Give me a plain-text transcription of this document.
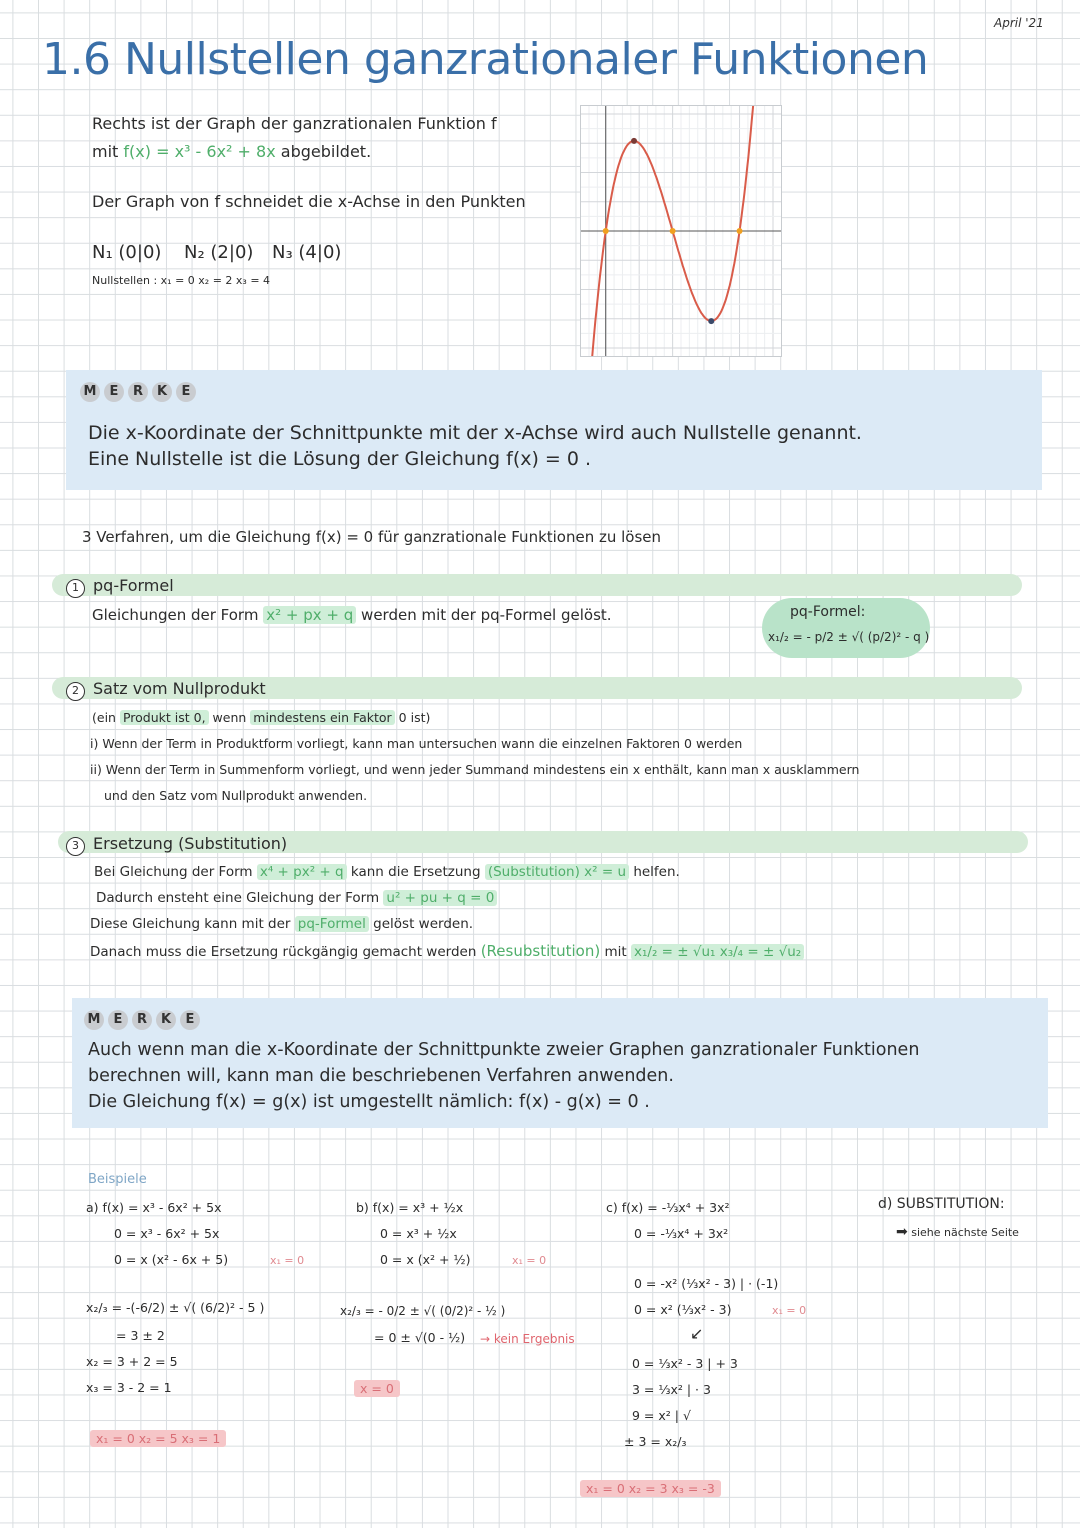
April '21
1.6 Nullstellen ganzrationaler Funktionen
Rechts ist der Graph der ganzrationalen Funktion f
mit f(x) = x³ - 6x² + 8x abgebildet.
Der Graph von f schneidet die x-Achse in den Punkten
N₁ (0|0) N₂ (2|0) N₃ (4|0)
Nullstellen : x₁ = 0 x₂ = 2 x₃ = 4
M	E	R	K	E
Die x-Koordinate der Schnittpunkte mit der x-Achse wird auch Nullstelle genannt.
Eine Nullstelle ist die Lösung der Gleichung f(x) = 0 .
3 Verfahren, um die Gleichung f(x) = 0 für ganzrationale Funktionen zu lösen
1 pq-Formel
Gleichungen der Form x² + px + q werden mit der pq-Formel gelöst.	pq-Formel:
x₁/₂ = - p/2 ± √( (p/2)² - q )
2 Satz vom Nullprodukt
(ein Produkt ist 0, wenn mindestens ein Faktor 0 ist)
i) Wenn der Term in Produktform vorliegt, kann man untersuchen wann die einzelnen Faktoren 0 werden
ii) Wenn der Term in Summenform vorliegt, und wenn jeder Summand mindestens ein x enthält, kann man x ausklammern
und den Satz vom Nullprodukt anwenden.
3 Ersetzung (Substitution)
Bei Gleichung der Form x⁴ + px² + q kann die Ersetzung (Substitution) x² = u helfen.
Dadurch ensteht eine Gleichung der Form u² + pu + q = 0
Diese Gleichung kann mit der pq-Formel gelöst werden.
Danach muss die Ersetzung rückgängig gemacht werden (Resubstitution) mit x₁/₂ = ± √u₁ x₃/₄ = ± √u₂
M	E	R	K	E
Auch wenn man die x-Koordinate der Schnittpunkte zweier Graphen ganzrationaler Funktionen
berechnen will, kann man die beschriebenen Verfahren anwenden.
Die Gleichung f(x) = g(x) ist umgestellt nämlich: f(x) - g(x) = 0 .
Beispiele
a) f(x) = x³ - 6x² + 5x
0 = x³ - 6x² + 5x
0 = x (x² - 6x + 5)	x₁ = 0
x₂/₃ = -(-6/2) ± √( (6/2)² - 5 )
= 3 ± 2
x₂ = 3 + 2 = 5
x₃ = 3 - 2 = 1
x₁ = 0 x₂ = 5 x₃ = 1
b) f(x) = x³ + ½x
0 = x³ + ½x
0 = x (x² + ½)	x₁ = 0
x₂/₃ = - 0/2 ± √( (0/2)² - ½ )
= 0 ± √(0 - ½) → kein Ergebnis
x = 0
c) f(x) = -⅓x⁴ + 3x²
0 = -⅓x⁴ + 3x²
0 = -x² (⅓x² - 3) | · (-1)
0 = x² (⅓x² - 3)	x₁ = 0
↙
0 = ⅓x² - 3 | + 3
3 = ⅓x² | · 3
9 = x² | √
± 3 = x₂/₃
x₁ = 0 x₂ = 3 x₃ = -3
d) SUBSTITUTION:
➡ siehe nächste Seite
